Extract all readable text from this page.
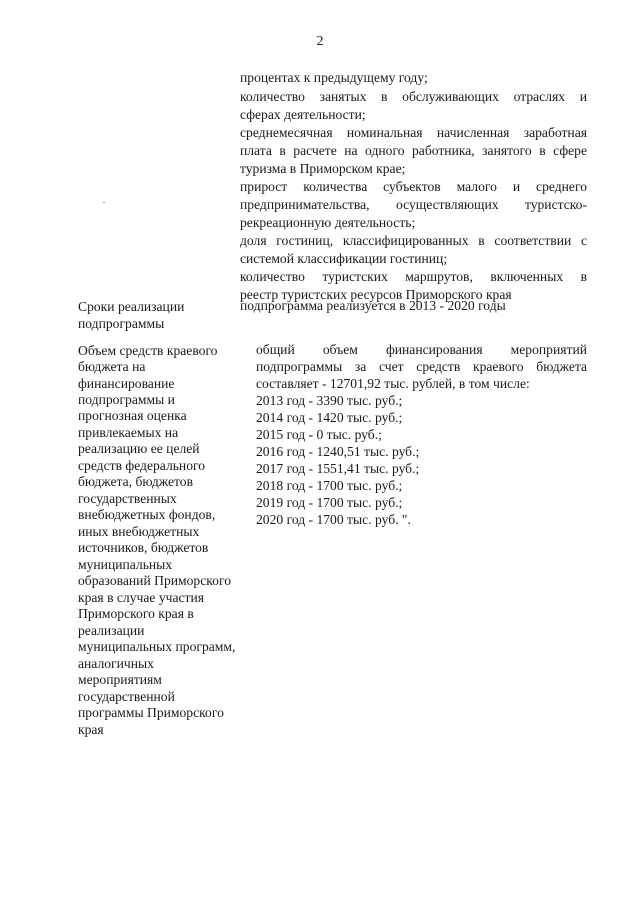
2
процентах к предыдущему году;
количество занятых в обслуживающих отраслях и
сферах деятельности;
среднемесячная номинальная начисленная заработная
плата в расчете на одного работника, занятого в сфере
туризма в Приморском крае;
прирост количества субъектов малого и среднего
предпринимательства, осуществляющих туристско-
рекреационную деятельность;
доля гостиниц, классифицированных в соответствии с
системой классификации гостиниц;
количество туристских маршрутов, включенных в
реестр туристских ресурсов Приморского края
Сроки реализации
подпрограммы
подпрограмма реализуется в 2013 - 2020 годы
Объем средств краевого
бюджета на
финансирование
подпрограммы и
прогнозная оценка
привлекаемых на
реализацию ее целей
средств федерального
бюджета, бюджетов
государственных
внебюджетных фондов,
иных внебюджетных
источников, бюджетов
муниципальных
образований Приморского
края в случае участия
Приморского края в
реализации
муниципальных программ,
аналогичных
мероприятиям
государственной
программы Приморского
края
общий объем финансирования мероприятий
подпрограммы за счет средств краевого бюджета
составляет - 12701,92 тыс. рублей, в том числе:
2013 год - 3390 тыс. руб.;
2014 год - 1420 тыс. руб.;
2015 год - 0 тыс. руб.;
2016 год - 1240,51 тыс. руб.;
2017 год - 1551,41 тыс. руб.;
2018 год - 1700 тыс. руб.;
2019 год - 1700 тыс. руб.;
2020 год - 1700 тыс. руб. ".
